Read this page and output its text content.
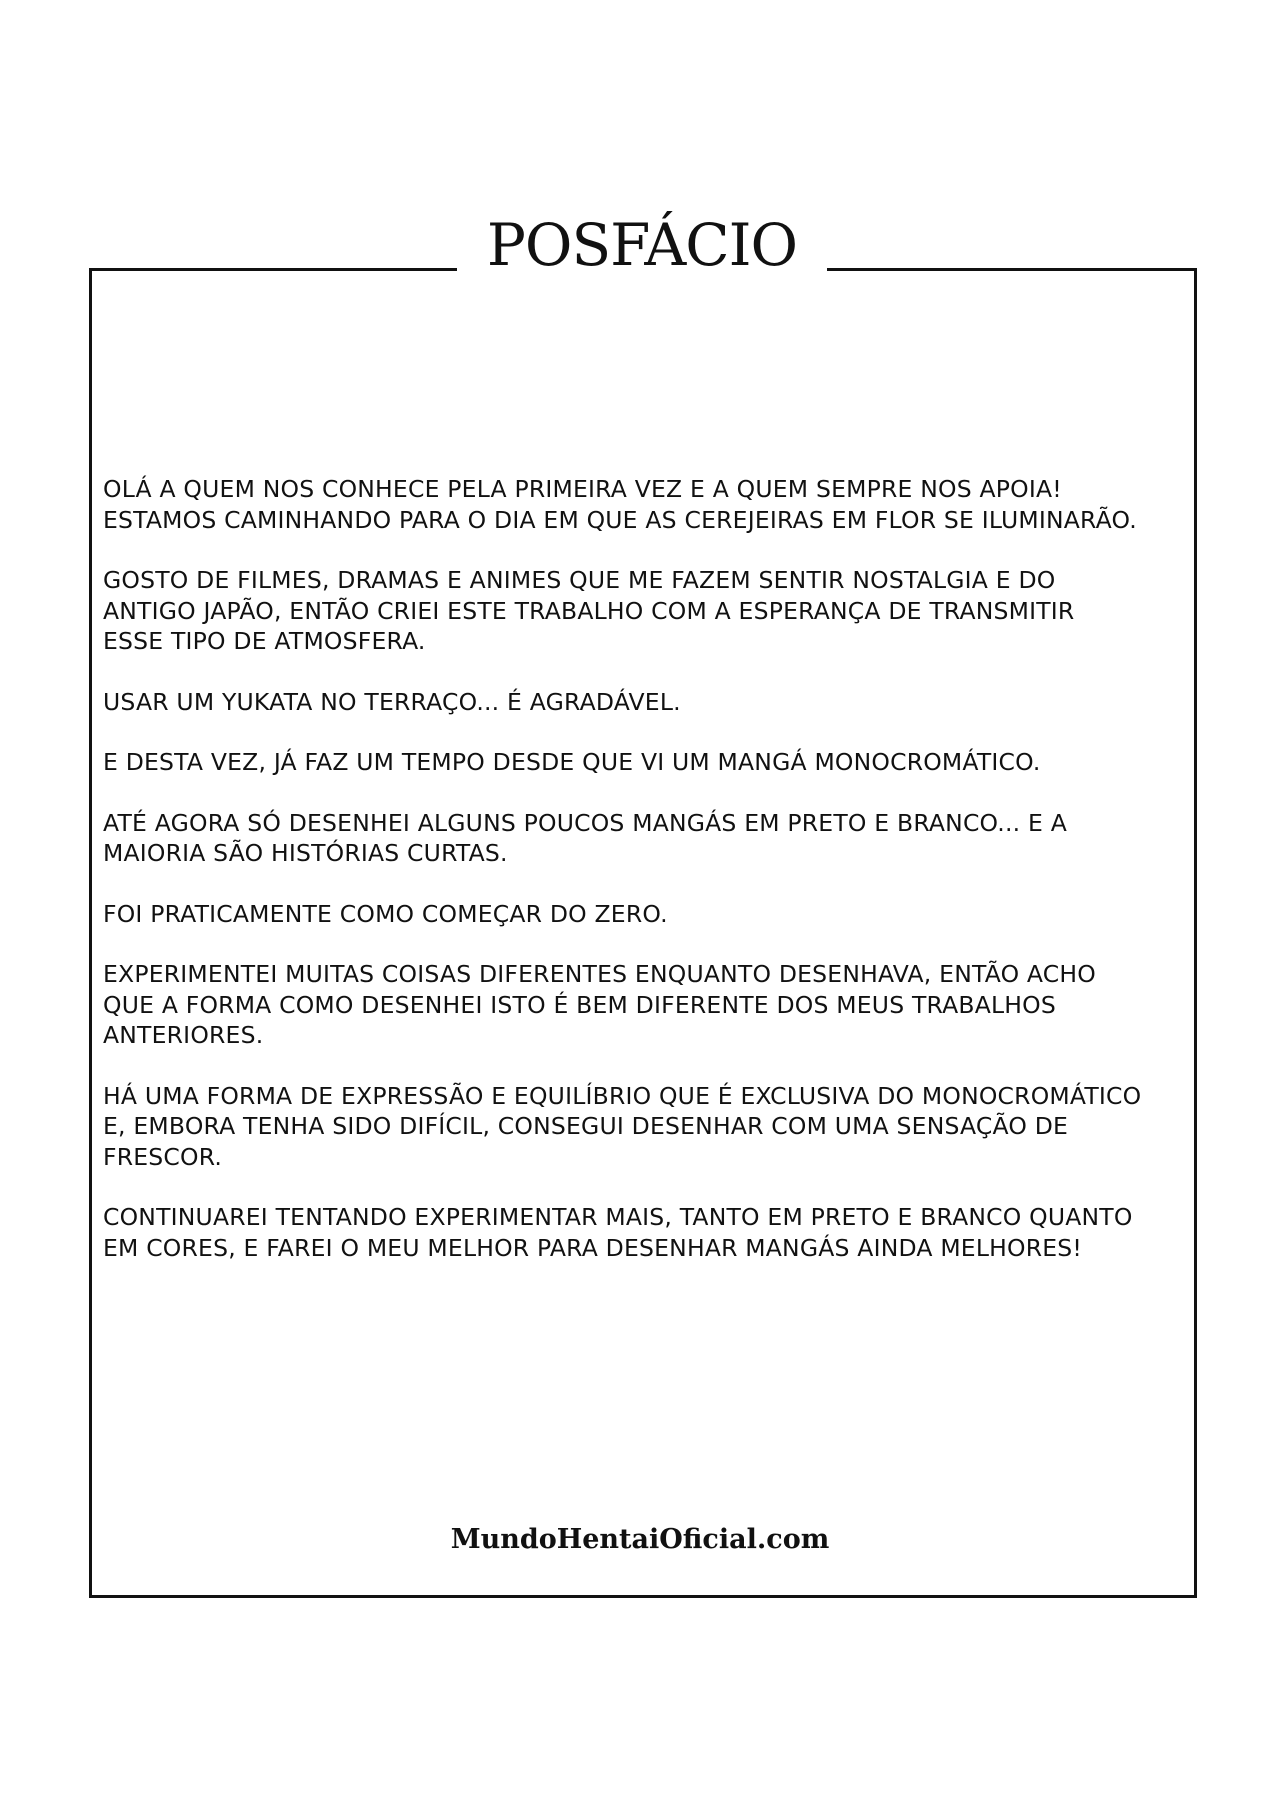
POSFÁCIO

OLÁ A QUEM NOS CONHECE PELA PRIMEIRA VEZ E A QUEM SEMPRE NOS APOIA!
ESTAMOS CAMINHANDO PARA O DIA EM QUE AS CEREJEIRAS EM FLOR SE ILUMINARÃO.

GOSTO DE FILMES, DRAMAS E ANIMES QUE ME FAZEM SENTIR NOSTALGIA E DO
ANTIGO JAPÃO, ENTÃO CRIEI ESTE TRABALHO COM A ESPERANÇA DE TRANSMITIR
ESSE TIPO DE ATMOSFERA.

USAR UM YUKATA NO TERRAÇO... É AGRADÁVEL.

E DESTA VEZ, JÁ FAZ UM TEMPO DESDE QUE VI UM MANGÁ MONOCROMÁTICO.

ATÉ AGORA SÓ DESENHEI ALGUNS POUCOS MANGÁS EM PRETO E BRANCO... E A
MAIORIA SÃO HISTÓRIAS CURTAS.

FOI PRATICAMENTE COMO COMEÇAR DO ZERO.

EXPERIMENTEI MUITAS COISAS DIFERENTES ENQUANTO DESENHAVA, ENTÃO ACHO
QUE A FORMA COMO DESENHEI ISTO É BEM DIFERENTE DOS MEUS TRABALHOS
ANTERIORES.

HÁ UMA FORMA DE EXPRESSÃO E EQUILÍBRIO QUE É EXCLUSIVA DO MONOCROMÁTICO
E, EMBORA TENHA SIDO DIFÍCIL, CONSEGUI DESENHAR COM UMA SENSAÇÃO DE
FRESCOR.

CONTINUAREI TENTANDO EXPERIMENTAR MAIS, TANTO EM PRETO E BRANCO QUANTO
EM CORES, E FAREI O MEU MELHOR PARA DESENHAR MANGÁS AINDA MELHORES!

MundoHentaiOficial.com
